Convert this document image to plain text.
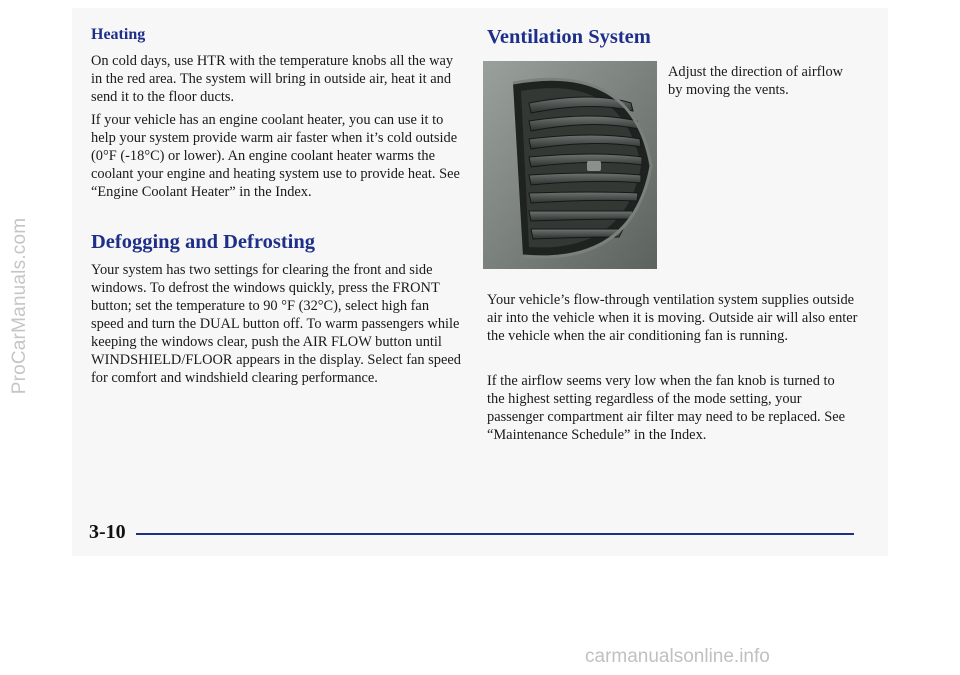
Heating

On cold days, use HTR with the temperature knobs all the way in the red area. The system will bring in outside air, heat it and send it to the floor ducts.

If your vehicle has an engine coolant heater, you can use it to help your system provide warm air faster when it’s cold outside (0°F (-18°C) or lower). An engine coolant heater warms the coolant your engine and heating system use to provide heat. See “Engine Coolant Heater” in the Index.

Defogging and Defrosting

Your system has two settings for clearing the front and side windows. To defrost the windows quickly, press the FRONT button; set the temperature to 90 °F (32°C), select high fan speed and turn the DUAL button off. To warm passengers while keeping the windows clear, push the AIR FLOW button until WINDSHIELD/FLOOR appears in the display. Select fan speed for comfort and windshield clearing performance.

Ventilation System

Adjust the direction of airflow by moving the vents.

Your vehicle’s flow-through ventilation system supplies outside air into the vehicle when it is moving. Outside air will also enter the vehicle when the air conditioning fan is running.

If the airflow seems very low when the fan knob is turned to the highest setting regardless of the mode setting, your passenger compartment air filter may need to be replaced. See “Maintenance Schedule” in the Index.

3-10

ProCarManuals.com
carmanualsonline.info
